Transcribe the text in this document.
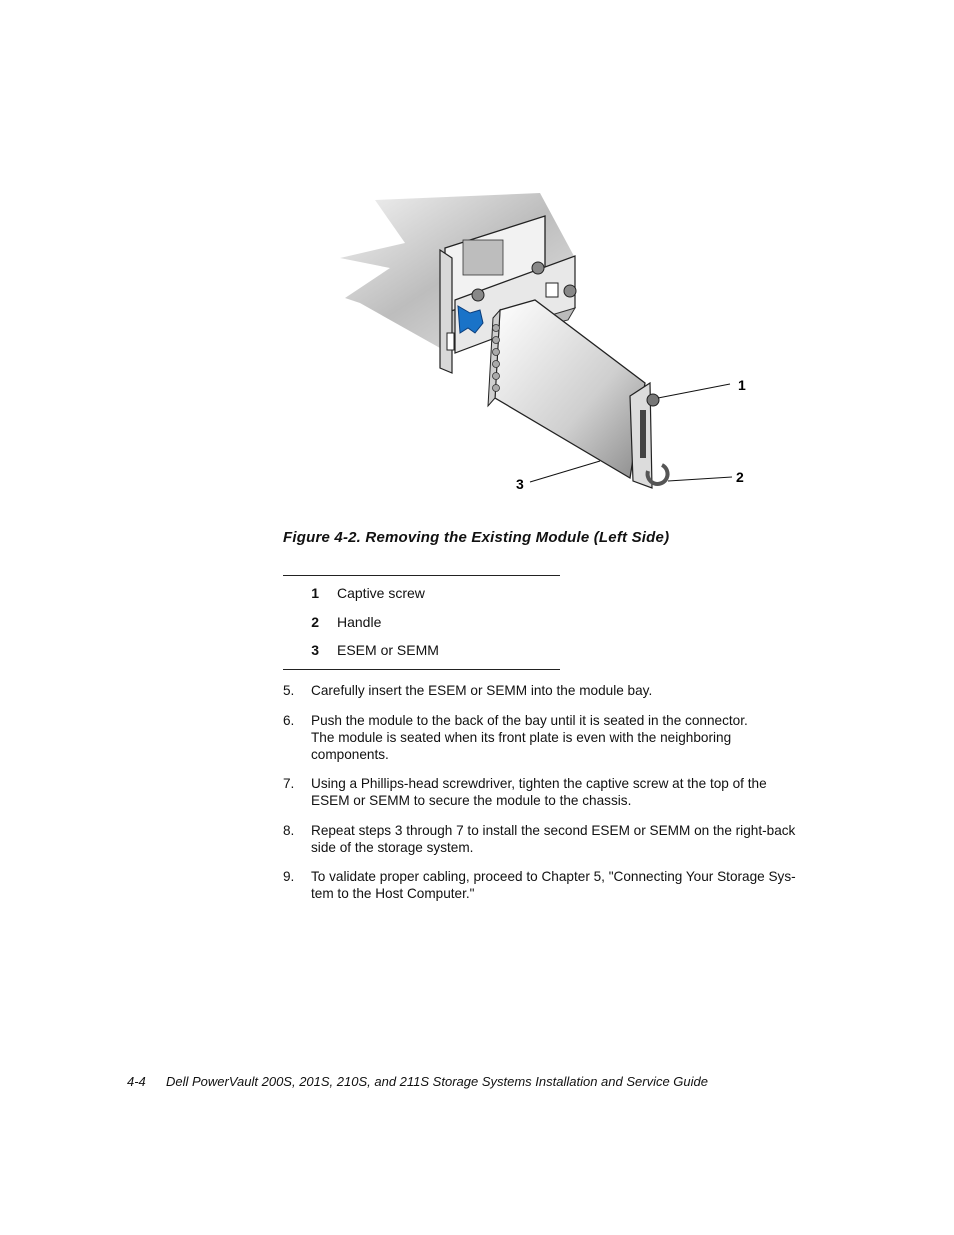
1
2
3
Figure 4-2. Removing the Existing Module (Left Side)
1	Captive screw
2	Handle
3	ESEM or SEMM
5.	Carefully insert the ESEM or SEMM into the module bay.
6.	Push the module to the back of the bay until it is seated in the connector.
The module is seated when its front plate is even with the neighboring
components.
7.	Using a Phillips-head screwdriver, tighten the captive screw at the top of the
ESEM or SEMM to secure the module to the chassis.
8.	Repeat steps 3 through 7 to install the second ESEM or SEMM on the right-back
side of the storage system.
9.	To validate proper cabling, proceed to Chapter 5, "Connecting Your Storage Sys-
tem to the Host Computer."
4-4 Dell PowerVault 200S, 201S, 210S, and 211S Storage Systems Installation and Service Guide
